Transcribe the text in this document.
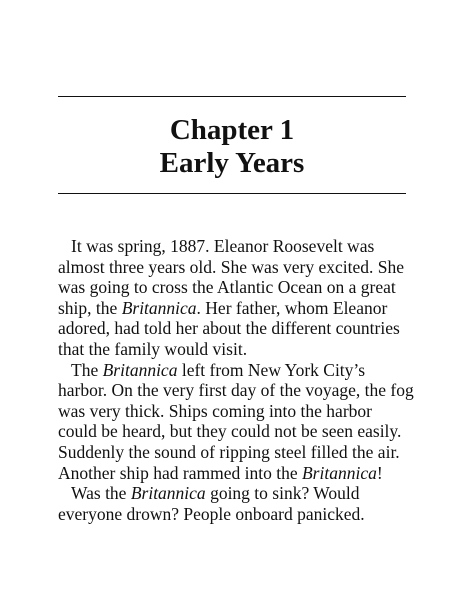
Chapter 1
Early Years
It was spring, 1887. Eleanor Roosevelt was
almost three years old. She was very excited. She
was going to cross the Atlantic Ocean on a great
ship, the Britannica. Her father, whom Eleanor
adored, had told her about the different countries
that the family would visit.
The Britannica left from New York City’s
harbor. On the very first day of the voyage, the fog
was very thick. Ships coming into the harbor
could be heard, but they could not be seen easily.
Suddenly the sound of ripping steel filled the air.
Another ship had rammed into the Britannica!
Was the Britannica going to sink? Would
everyone drown? People onboard panicked.
